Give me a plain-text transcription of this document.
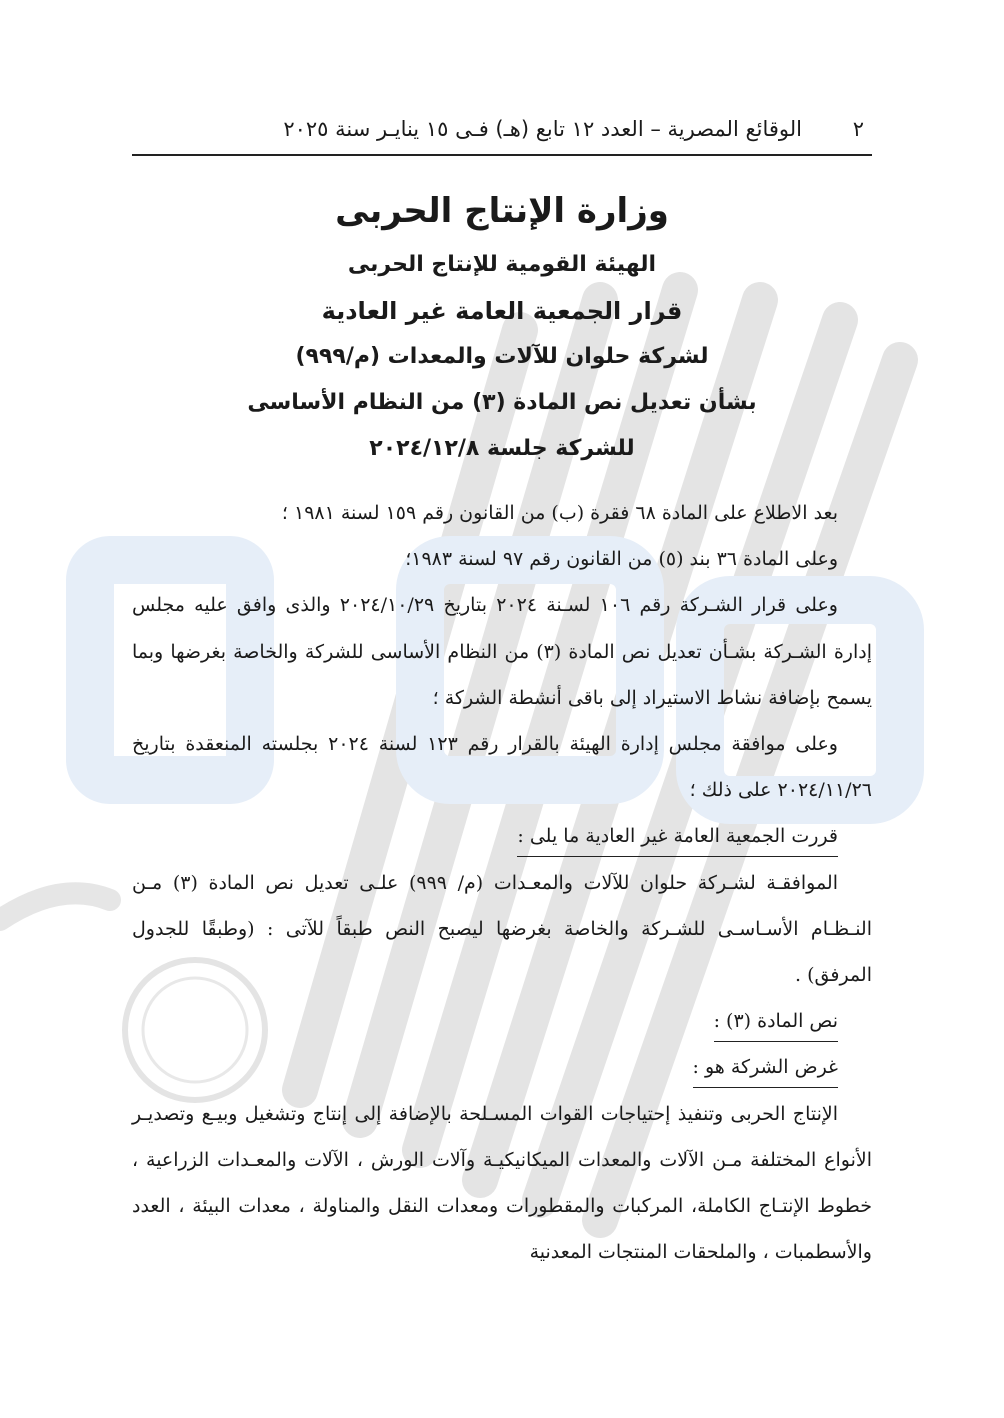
٢
الوقائع المصرية – العدد ١٢ تابع (هـ) فـى ١٥ ينايـر سنة ٢٠٢٥
وزارة الإنتاج الحربى
الهيئة القومية للإنتاج الحربى
قرار الجمعية العامة غير العادية
لشركة حلوان للآلات والمعدات (م/٩٩٩)
بشأن تعديل نص المادة (٣) من النظام الأساسى
للشركة جلسة ٢٠٢٤/١٢/٨

بعد الاطلاع على المادة ٦٨ فقرة (ب) من القانون رقم ١٥٩ لسنة ١٩٨١ ؛

وعلى المادة ٣٦ بند (٥) من القانون رقم ٩٧ لسنة ١٩٨٣؛

وعلى قرار الشـركة رقم ١٠٦ لسـنة ٢٠٢٤ بتاريخ ٢٠٢٤/١٠/٢٩ والذى وافق عليه مجلس إدارة الشـركة بشـأن تعديل نص المادة (٣) من النظام الأساسى للشركة والخاصة بغرضها وبما يسمح بإضافة نشاط الاستيراد إلى باقى أنشطة الشركة ؛

وعلى موافقة مجلس إدارة الهيئة بالقرار رقم ١٢٣ لسنة ٢٠٢٤ بجلسته المنعقدة بتاريخ ٢٠٢٤/١١/٢٦ على ذلك ؛

قررت الجمعية العامة غير العادية ما يلى :

الموافقـة لشـركة حلوان للآلات والمعـدات (م/ ٩٩٩) علـى تعديل نص المادة (٣) مـن النـظـام الأسـاسـى للشـركة والخاصة بغرضها ليصبح النص طبقاً للآتى : (وطبقًا للجدول المرفق) .

نص المادة (٣) :
غرض الشركة هو :

الإنتاج الحربى وتنفيذ إحتياجات القوات المسـلحة بالإضافة إلى إنتاج وتشغيل وبيـع وتصديـر الأنواع المختلفة مـن الآلات والمعدات الميكانيكيـة وآلات الورش ، الآلات والمعـدات الزراعية ، خطوط الإنتـاج الكاملة، المركبات والمقطورات ومعدات النقل والمناولة ، معدات البيئة ، العدد والأسطمبات ، والملحقات المنتجات المعدنية
